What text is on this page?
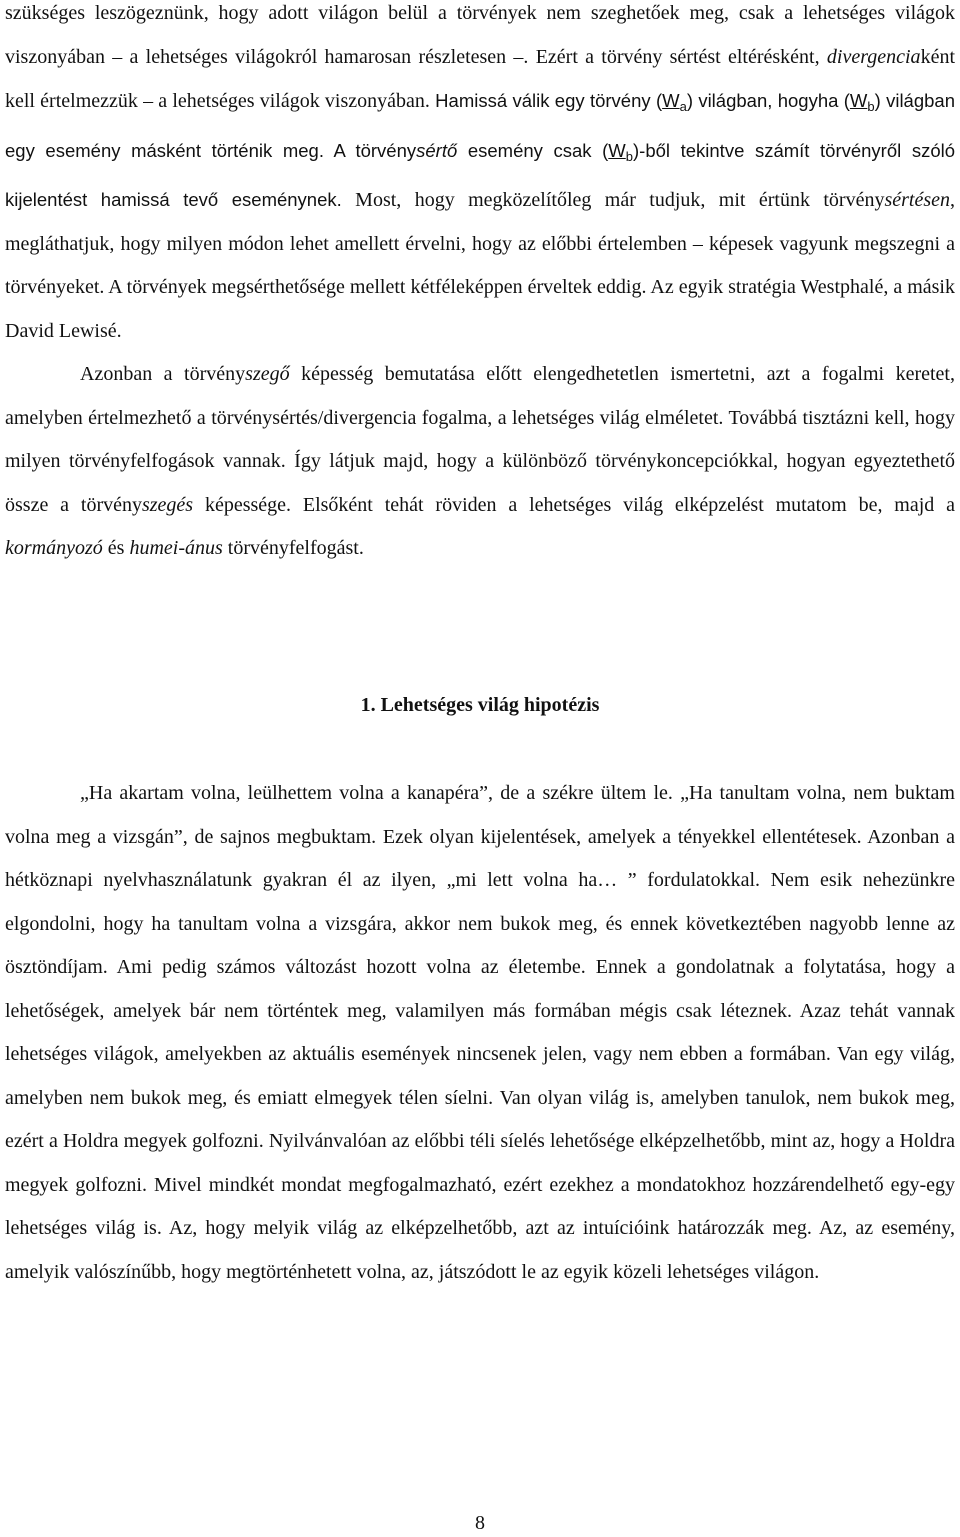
szükséges leszögeznünk, hogy adott világon belül a törvények nem szeghetőek meg, csak a lehetséges világok viszonyában – a lehetséges világokról hamarosan részletesen –. Ezért a törvény sértést eltérésként, divergenciaként kell értelmezzük – a lehetséges világok viszonyában. Hamissá válik egy törvény $(W_a)$ világban, hogyha $(W_b)$ világban egy esemény másként történik meg. A törvénysértő esemény csak $(W_b)$-ből tekintve számít törvényről szóló kijelentést hamissá tevő eseménynek. Most, hogy megközelítőleg már tudjuk, mit értünk törvénysértésen, megláthatjuk, hogy milyen módon lehet amellett érvelni, hogy az előbbi értelemben – képesek vagyunk megszegni a törvényeket. A törvények megsérthetősége mellett kétféleképpen érveltek eddig. Az egyik stratégia Westphalé, a másik David Lewisé.

Azonban a törvényszegő képesség bemutatása előtt elengedhetetlen ismertetni, azt a fogalmi keretet, amelyben értelmezhető a törvénysértés/divergencia fogalma, a lehetséges világ elméletet. Továbbá tisztázni kell, hogy milyen törvényfelfogások vannak. Így látjuk majd, hogy a különböző törvénykoncepciókkal, hogyan egyeztethető össze a törvényszegés képessége. Elsőként tehát röviden a lehetséges világ elképzelést mutatom be, majd a kormányozó és humei-ánus törvényfelfogást.

1. Lehetséges világ hipotézis

„Ha akartam volna, leülhettem volna a kanapéra”, de a székre ültem le. „Ha tanultam volna, nem buktam volna meg a vizsgán”, de sajnos megbuktam. Ezek olyan kijelentések, amelyek a tényekkel ellentétesek. Azonban a hétköznapi nyelvhasználatunk gyakran él az ilyen, „mi lett volna ha… ” fordulatokkal. Nem esik nehezünkre elgondolni, hogy ha tanultam volna a vizsgára, akkor nem bukok meg, és ennek következtében nagyobb lenne az ösztöndíjam. Ami pedig számos változást hozott volna az életembe. Ennek a gondolatnak a folytatása, hogy a lehetőségek, amelyek bár nem történtek meg, valamilyen más formában mégis csak léteznek. Azaz tehát vannak lehetséges világok, amelyekben az aktuális események nincsenek jelen, vagy nem ebben a formában. Van egy világ, amelyben nem bukok meg, és emiatt elmegyek télen síelni. Van olyan világ is, amelyben tanulok, nem bukok meg, ezért a Holdra megyek golfozni. Nyilvánvalóan az előbbi téli síelés lehetősége elképzelhetőbb, mint az, hogy a Holdra megyek golfozni. Mivel mindkét mondat megfogalmazható, ezért ezekhez a mondatokhoz hozzárendelhető egy-egy lehetséges világ is. Az, hogy melyik világ az elképzelhetőbb, azt az intuícióink határozzák meg. Az, az esemény, amelyik valószínűbb, hogy megtörténhetett volna, az, játszódott le az egyik közeli lehetséges világon.

8
